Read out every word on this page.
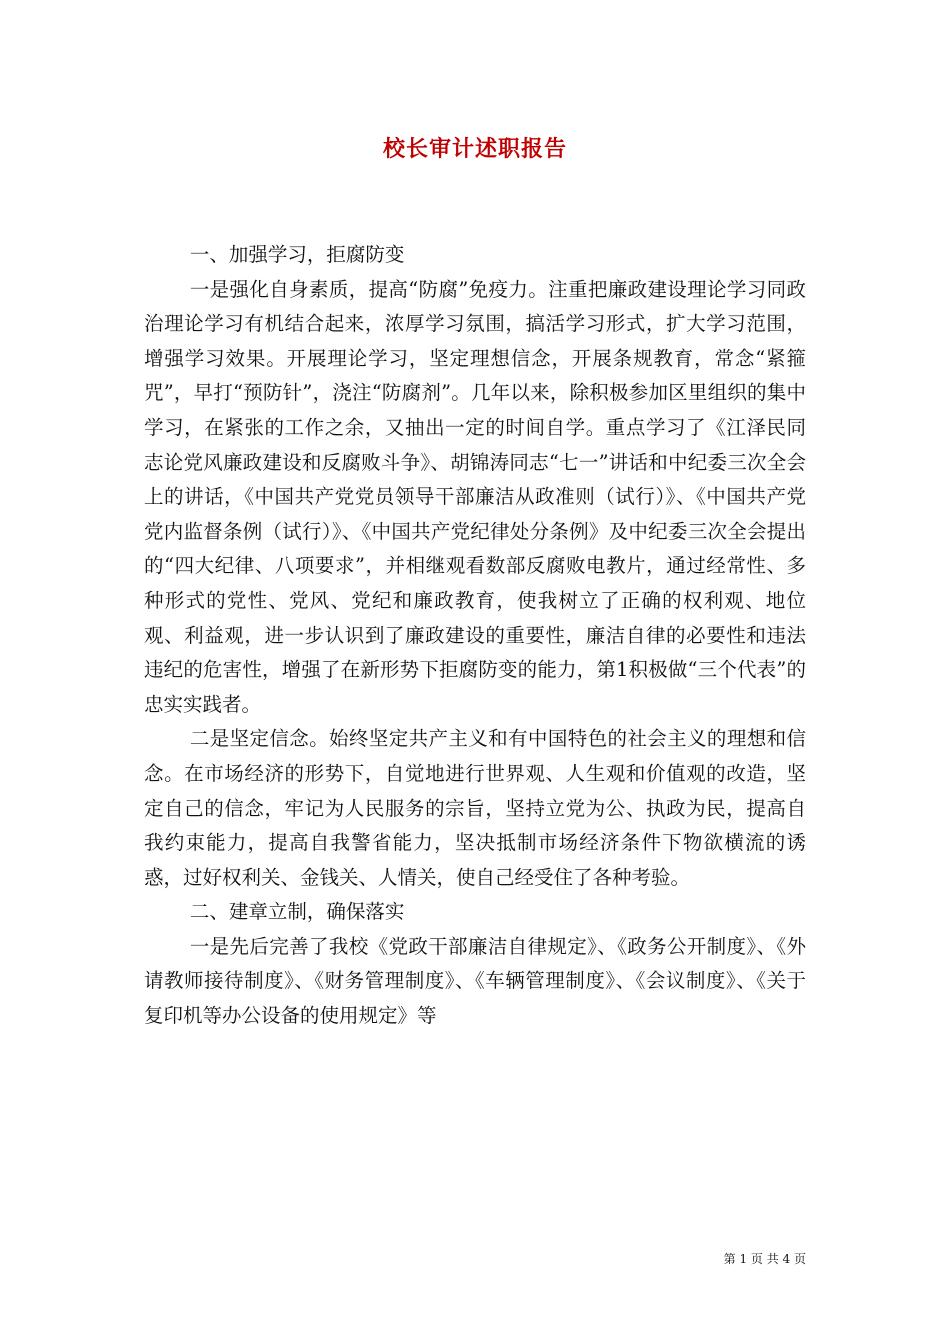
校长审计述职报告

一、加强学习，拒腐防变

一是强化自身素质，提高“防腐”免疫力。注重把廉政建设理论学习同政治理论学习有机结合起来，浓厚学习氛围，搞活学习形式，扩大学习范围，增强学习效果。开展理论学习，坚定理想信念，开展条规教育，常念“紧箍咒”，早打“预防针”，浇注“防腐剂”。几年以来，除积极参加区里组织的集中学习，在紧张的工作之余，又抽出一定的时间自学。重点学习了《江泽民同志论党风廉政建设和反腐败斗争》、胡锦涛同志“七一”讲话和中纪委三次全会上的讲话，《中国共产党党员领导干部廉洁从政准则（试行）》、《中国共产党党内监督条例（试行）》、《中国共产党纪律处分条例》及中纪委三次全会提出的“四大纪律、八项要求”，并相继观看数部反腐败电教片，通过经常性、多种形式的党性、党风、党纪和廉政教育，使我树立了正确的权利观、地位观、利益观，进一步认识到了廉政建设的重要性，廉洁自律的必要性和违法违纪的危害性，增强了在新形势下拒腐防变的能力，第1积极做“三个代表”的忠实实践者。

二是坚定信念。始终坚定共产主义和有中国特色的社会主义的理想和信念。在市场经济的形势下，自觉地进行世界观、人生观和价值观的改造，坚定自己的信念，牢记为人民服务的宗旨，坚持立党为公、执政为民，提高自我约束能力，提高自我警省能力，坚决抵制市场经济条件下物欲横流的诱惑，过好权利关、金钱关、人情关，使自己经受住了各种考验。

二、建章立制，确保落实

一是先后完善了我校《党政干部廉洁自律规定》、《政务公开制度》、《外请教师接待制度》、《财务管理制度》、《车辆管理制度》、《会议制度》、《关于复印机等办公设备的使用规定》等

第 1 页 共 4 页
